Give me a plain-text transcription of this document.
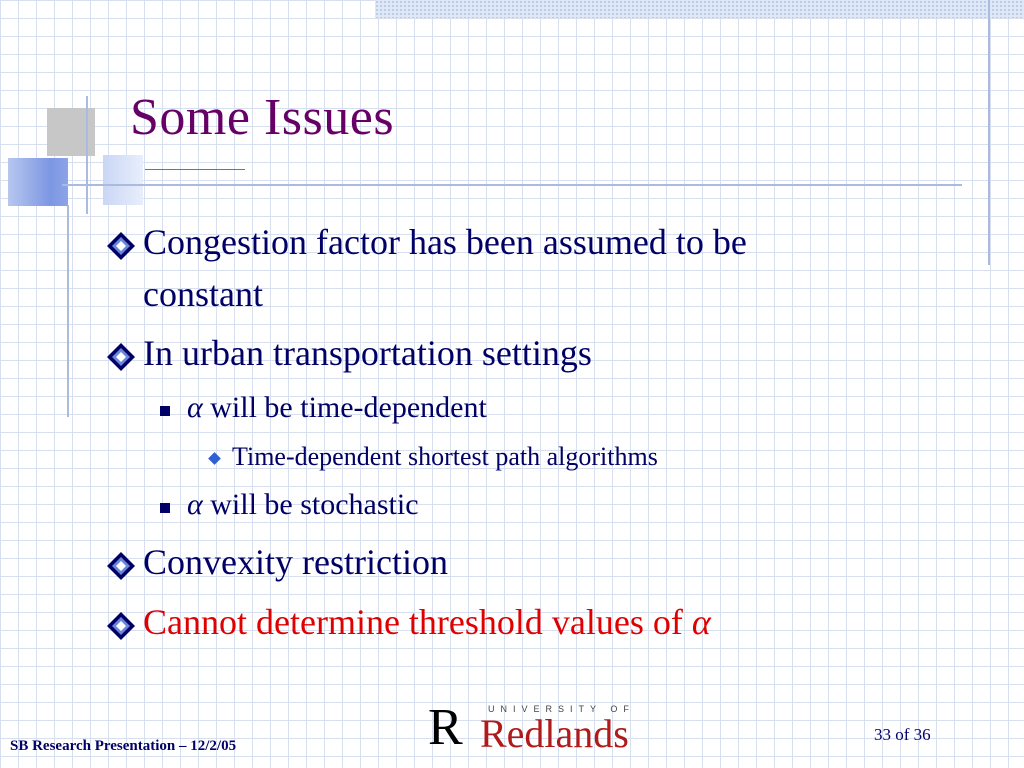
Some Issues
Congestion factor has been assumed to be
constant
In urban transportation settings
α will be time-dependent
Time-dependent shortest path algorithms
α will be stochastic
Convexity restriction
Cannot determine threshold values of α
R	UNIVERSITY OF
Redlands
SB Research Presentation – 12/2/05
33 of 36
